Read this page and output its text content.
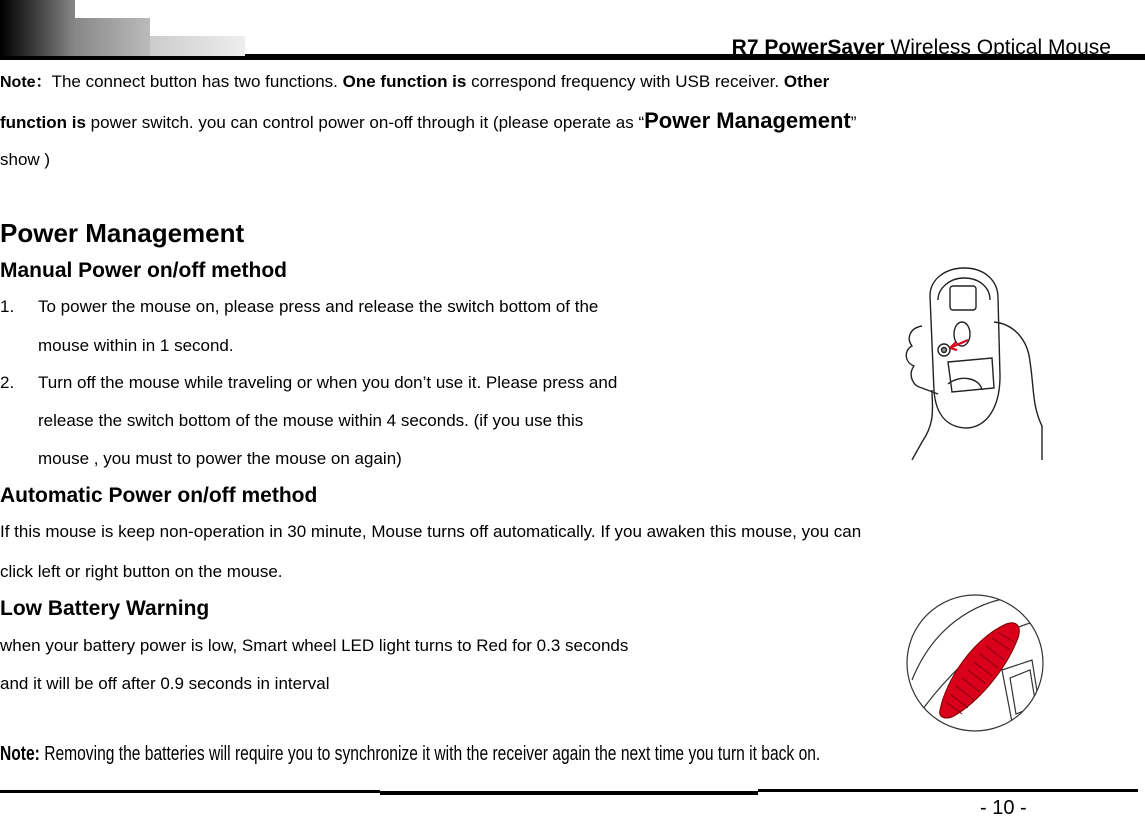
R7 PowerSaver Wireless Optical Mouse
Note：The connect button has two functions. One function is correspond frequency with USB receiver. Other
function is power switch. you can control power on-off through it (please operate as “Power Management”
show )
Power Management
Manual Power on/off method
1. To power the mouse on, please press and release the switch bottom of the
mouse within in 1 second.
2. Turn off the mouse while traveling or when you don’t use it. Please press and
release the switch bottom of the mouse within 4 seconds. (if you use this
mouse , you must to power the mouse on again)
Automatic Power on/off method
If this mouse is keep non-operation in 30 minute, Mouse turns off automatically. If you awaken this mouse, you can
click left or right button on the mouse.
Low Battery Warning
when your battery power is low, Smart wheel LED light turns to Red for 0.3 seconds
and it will be off after 0.9 seconds in interval
Note: Removing the batteries will require you to synchronize it with the receiver again the next time you turn it back on.
- 10 -
